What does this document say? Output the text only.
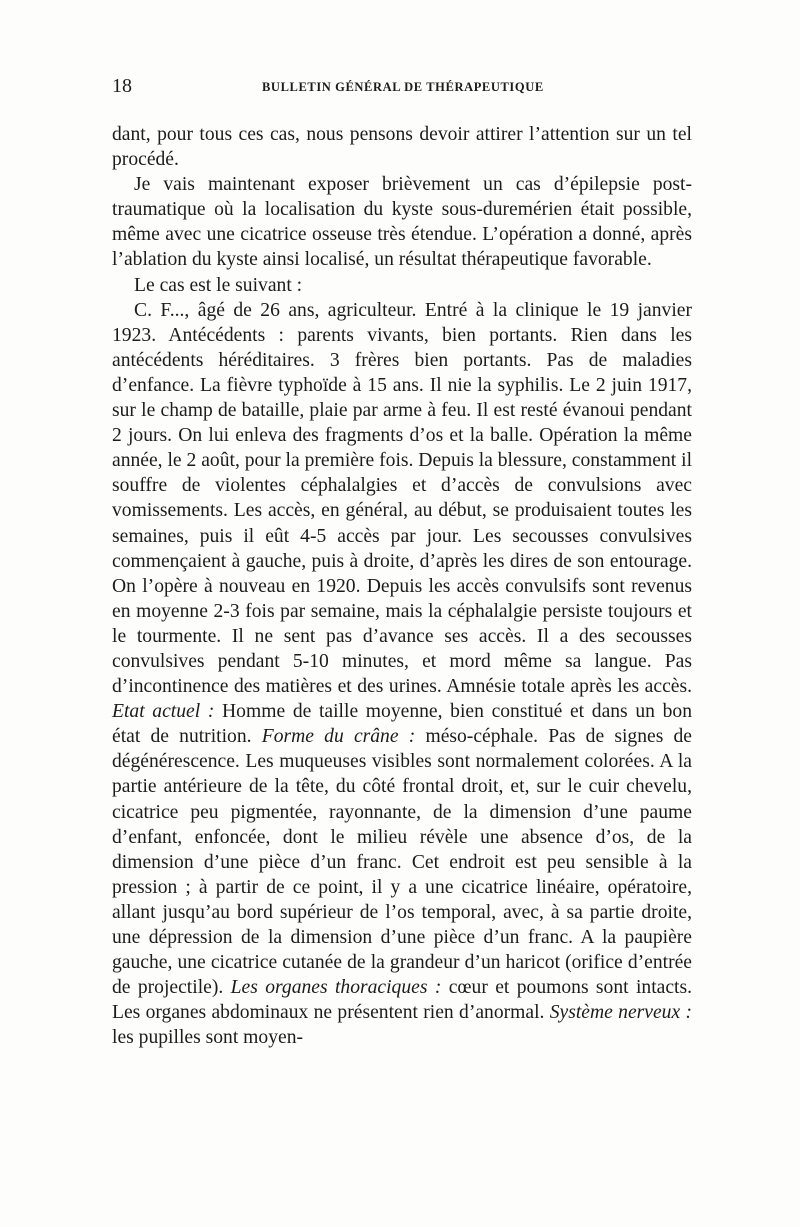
18	BULLETIN GÉNÉRAL DE THÉRAPEUTIQUE

dant, pour tous ces cas, nous pensons devoir attirer l’attention sur un tel procédé.

Je vais maintenant exposer brièvement un cas d’épilepsie post-traumatique où la localisation du kyste sous-duremérien était possible, même avec une cicatrice osseuse très étendue. L’opération a donné, après l’ablation du kyste ainsi localisé, un résultat thérapeutique favorable.

Le cas est le suivant :

C. F..., âgé de 26 ans, agriculteur. Entré à la clinique le 19 janvier 1923. Antécédents : parents vivants, bien portants. Rien dans les antécédents héréditaires. 3 frères bien portants. Pas de maladies d’enfance. La fièvre typhoïde à 15 ans. Il nie la syphilis. Le 2 juin 1917, sur le champ de bataille, plaie par arme à feu. Il est resté évanoui pendant 2 jours. On lui enleva des fragments d’os et la balle. Opération la même année, le 2 août, pour la première fois. Depuis la blessure, constamment il souffre de violentes céphalalgies et d’accès de convulsions avec vomissements. Les accès, en général, au début, se produisaient toutes les semaines, puis il eût 4-5 accès par jour. Les secousses convulsives commençaient à gauche, puis à droite, d’après les dires de son entourage. On l’opère à nouveau en 1920. Depuis les accès convulsifs sont revenus en moyenne 2-3 fois par semaine, mais la céphalalgie persiste toujours et le tourmente. Il ne sent pas d’avance ses accès. Il a des secousses convulsives pendant 5-10 minutes, et mord même sa langue. Pas d’incontinence des matières et des urines. Amnésie totale après les accès. Etat actuel : Homme de taille moyenne, bien constitué et dans un bon état de nutrition. Forme du crâne : méso-céphale. Pas de signes de dégénérescence. Les muqueuses visibles sont normalement colorées. A la partie antérieure de la tête, du côté frontal droit, et, sur le cuir chevelu, cicatrice peu pigmentée, rayonnante, de la dimension d’une paume d’enfant, enfoncée, dont le milieu révèle une absence d’os, de la dimension d’une pièce d’un franc. Cet endroit est peu sensible à la pression ; à partir de ce point, il y a une cicatrice linéaire, opératoire, allant jusqu’au bord supérieur de l’os temporal, avec, à sa partie droite, une dépression de la dimension d’une pièce d’un franc. A la paupière gauche, une cicatrice cutanée de la grandeur d’un haricot (orifice d’entrée de projectile). Les organes thoraciques : cœur et poumons sont intacts. Les organes abdominaux ne présentent rien d’anormal. Système nerveux : les pupilles sont moyen-
